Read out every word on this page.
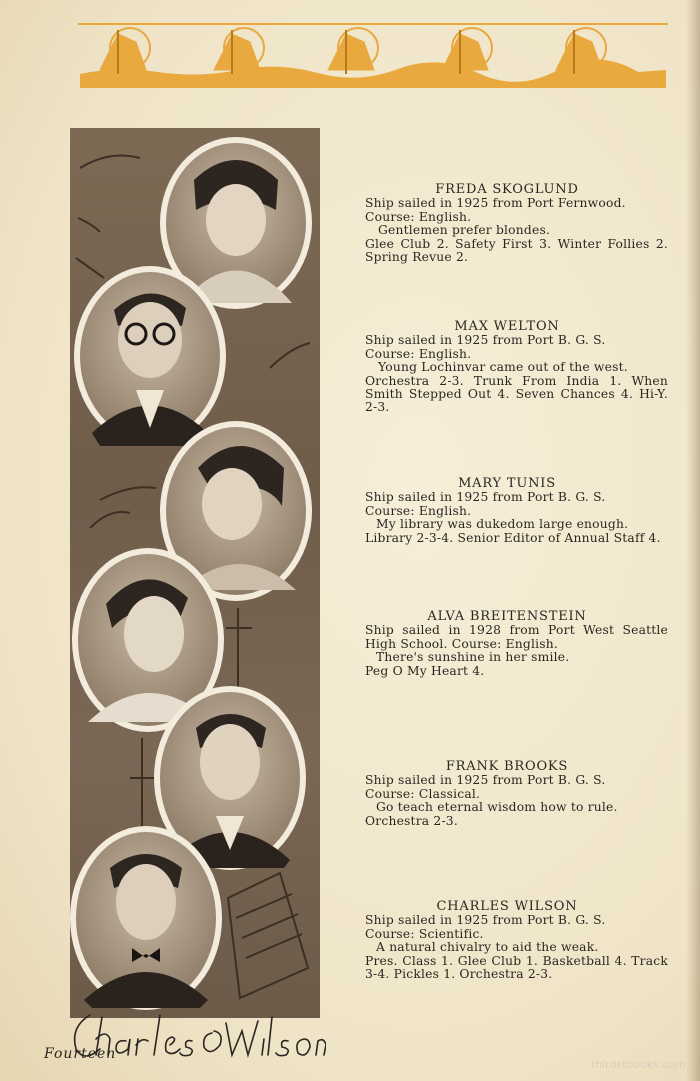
FREDA SKOGLUND
Ship sailed in 1925 from Port Fernwood.
Course: English.
Gentlemen prefer blondes.
Glee Club 2. Safety First 3. Winter Follies 2. Spring Revue 2.
MAX WELTON
Ship sailed in 1925 from Port B. G. S.
Course: English.
Young Lochinvar came out of the west.
Orchestra 2-3. Trunk From India 1. When Smith Stepped Out 4. Seven Chances 4. Hi-Y. 2-3.
MARY TUNIS
Ship sailed in 1925 from Port B. G. S.
Course: English.
My library was dukedom large enough.
Library 2-3-4. Senior Editor of Annual Staff 4.
ALVA BREITENSTEIN
Ship sailed in 1928 from Port West Seattle High School. Course: English.
There's sunshine in her smile.
Peg O My Heart 4.
FRANK BROOKS
Ship sailed in 1925 from Port B. G. S.
Course: Classical.
Go teach eternal wisdom how to rule.
Orchestra 2-3.
CHARLES WILSON
Ship sailed in 1925 from Port B. G. S.
Course: Scientific.
A natural chivalry to aid the weak.
Pres. Class 1. Glee Club 1. Basketball 4. Track 3-4. Pickles 1. Orchestra 2-3.
Fourteen
thirdstbooks.com
